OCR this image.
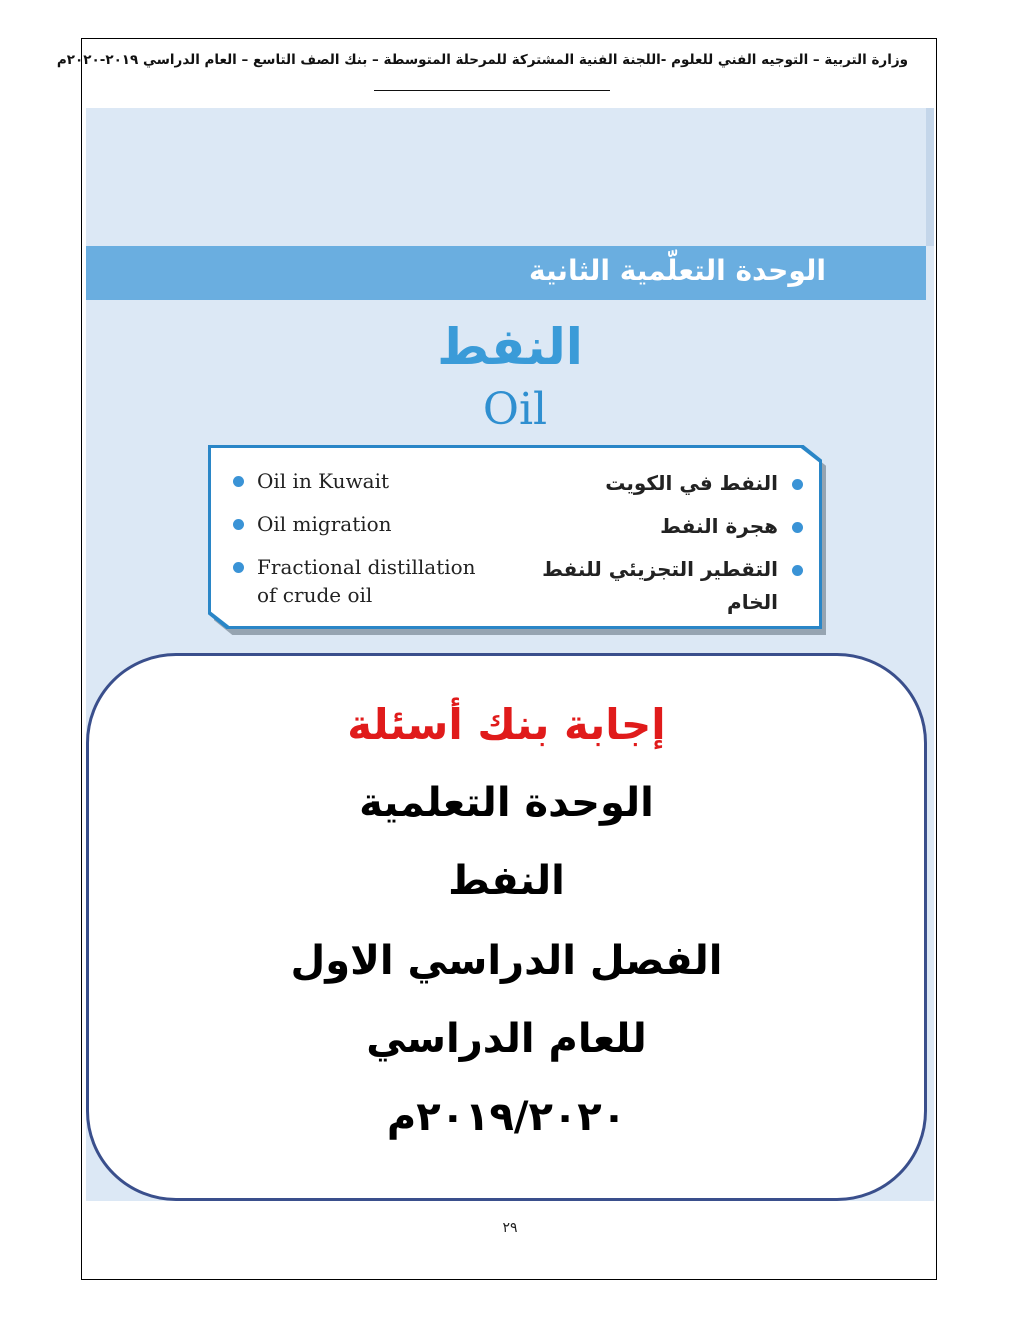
وزارة التربية – التوجيه الفني للعلوم -اللجنة الفنية المشتركة للمرحلة المتوسطة – بنك الصف التاسع – العام الدراسي ٢٠١٩-٢٠٢٠م
الوحدة التعلّمية الثانية
النفط
Oil
Oil in Kuwait
Oil migration
Fractional distillation
of crude oil
النفط في الكويت
هجرة النفط
التقطير التجزيئي للنفط
الخام
إجابة بنك أسئلة
الوحدة التعلمية
النفط
الفصل الدراسي الاول
للعام الدراسي
٢٠١٩/٢٠٢٠م
٢٩
